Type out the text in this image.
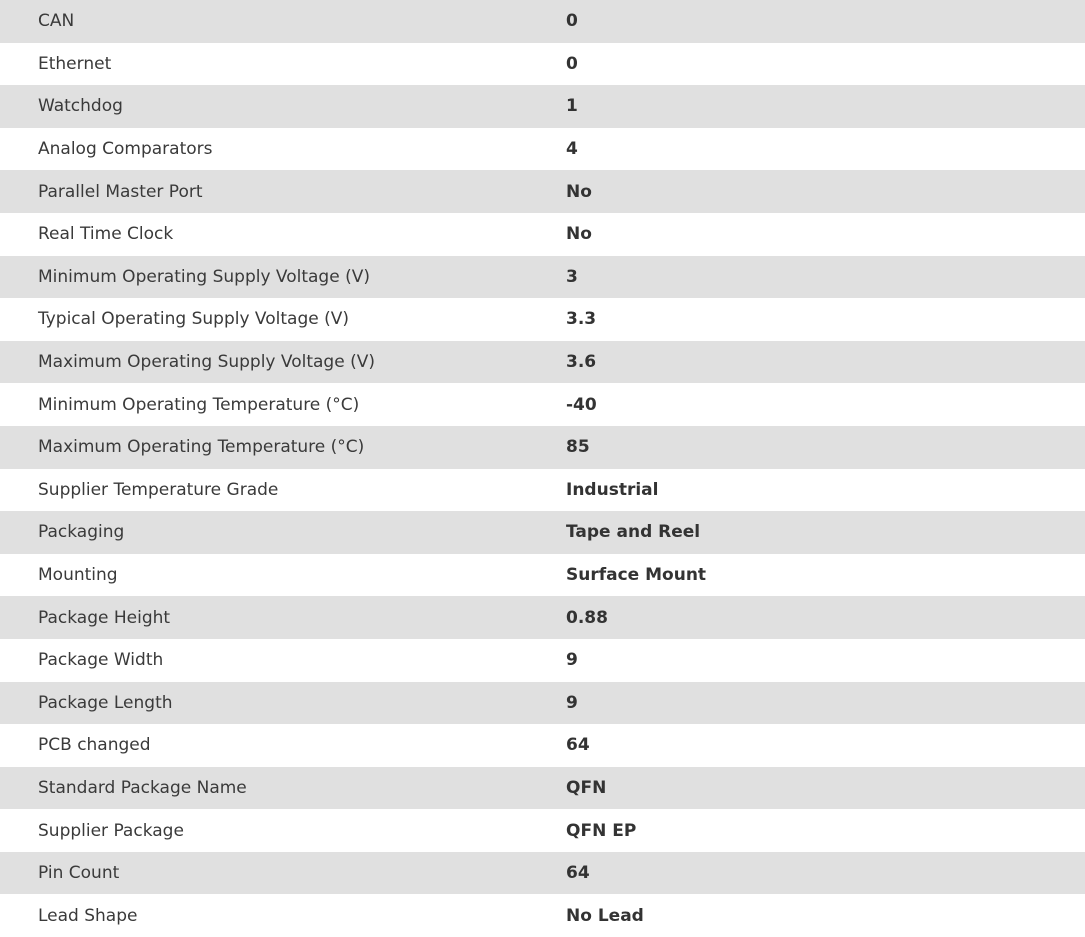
CAN	0
Ethernet	0
Watchdog	1
Analog Comparators	4
Parallel Master Port	No
Real Time Clock	No
Minimum Operating Supply Voltage (V)	3
Typical Operating Supply Voltage (V)	3.3
Maximum Operating Supply Voltage (V)	3.6
Minimum Operating Temperature (°C)	-40
Maximum Operating Temperature (°C)	85
Supplier Temperature Grade	Industrial
Packaging	Tape and Reel
Mounting	Surface Mount
Package Height	0.88
Package Width	9
Package Length	9
PCB changed	64
Standard Package Name	QFN
Supplier Package	QFN EP
Pin Count	64
Lead Shape	No Lead
